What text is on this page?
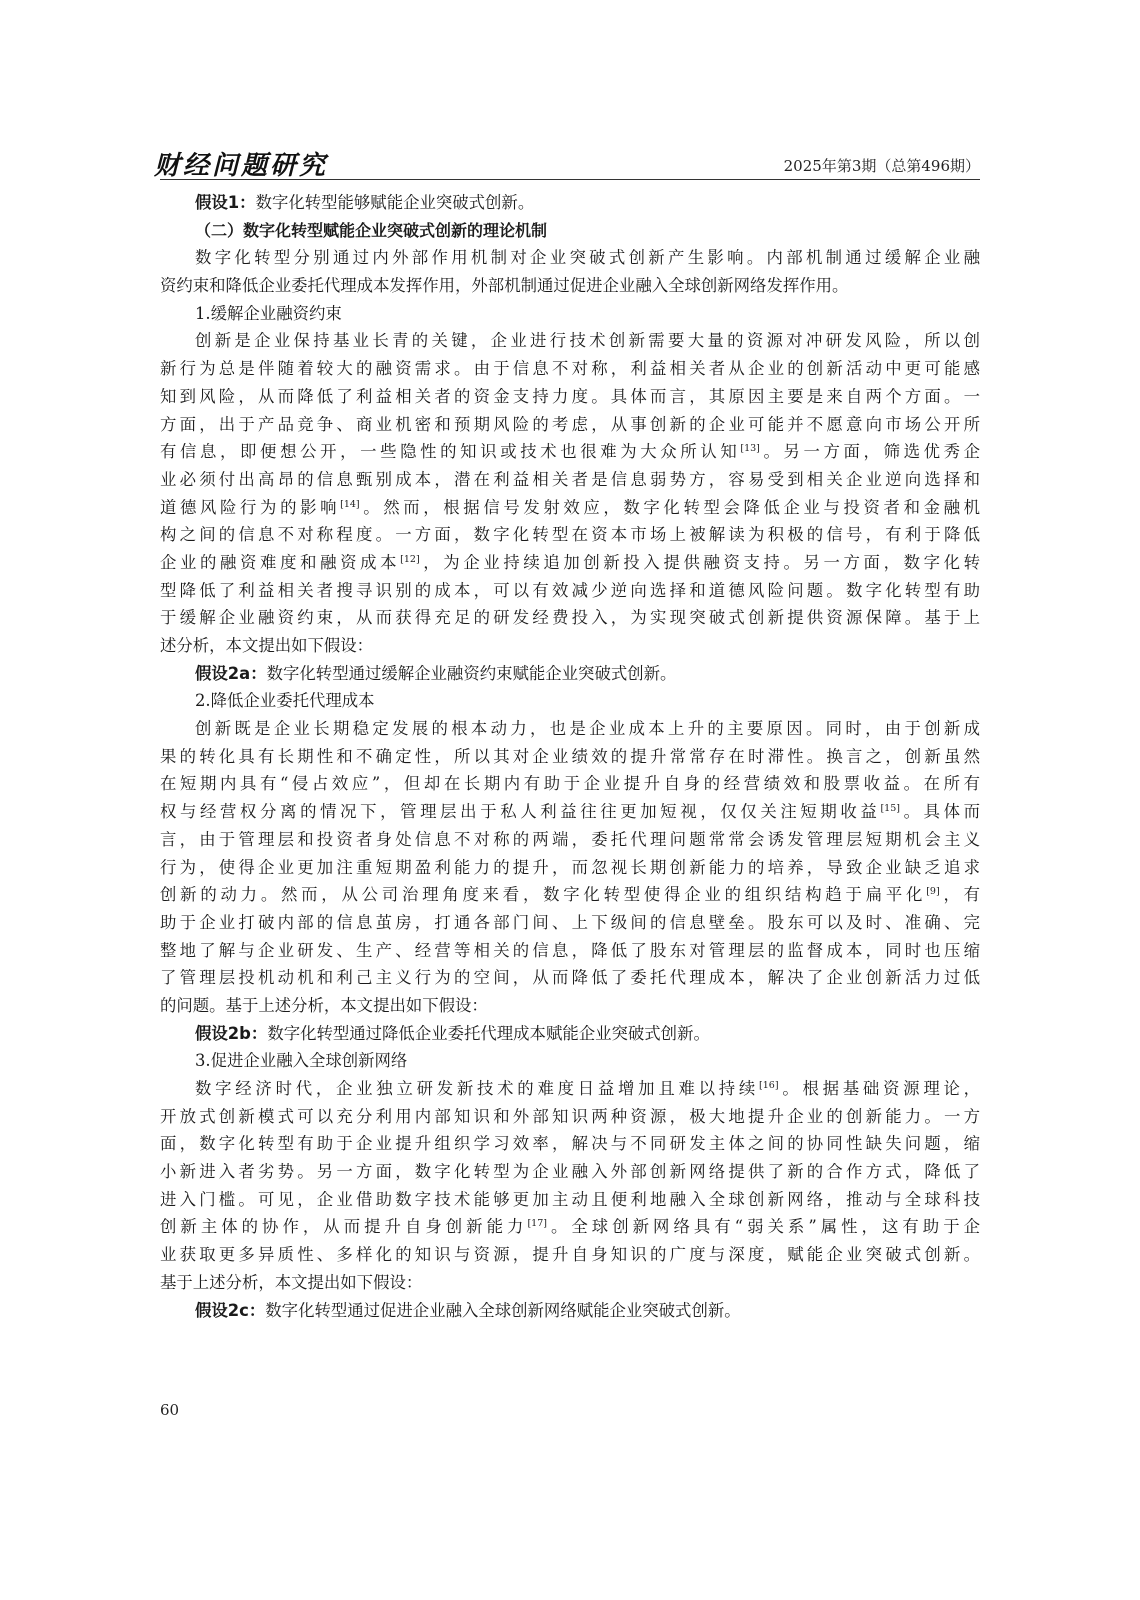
财经问题研究	2025年第3期（总第496期）
假设1：数字化转型能够赋能企业突破式创新。
（二）数字化转型赋能企业突破式创新的理论机制
数字化转型分别通过内外部作用机制对企业突破式创新产生影响。内部机制通过缓解企业融
资约束和降低企业委托代理成本发挥作用，外部机制通过促进企业融入全球创新网络发挥作用。
1.缓解企业融资约束
创新是企业保持基业长青的关键，企业进行技术创新需要大量的资源对冲研发风险，所以创
新行为总是伴随着较大的融资需求。由于信息不对称，利益相关者从企业的创新活动中更可能感
知到风险，从而降低了利益相关者的资金支持力度。具体而言，其原因主要是来自两个方面。一
方面，出于产品竞争、商业机密和预期风险的考虑，从事创新的企业可能并不愿意向市场公开所
有信息，即便想公开，一些隐性的知识或技术也很难为大众所认知[13]。另一方面，筛选优秀企
业必须付出高昂的信息甄别成本，潜在利益相关者是信息弱势方，容易受到相关企业逆向选择和
道德风险行为的影响[14]。然而，根据信号发射效应，数字化转型会降低企业与投资者和金融机
构之间的信息不对称程度。一方面，数字化转型在资本市场上被解读为积极的信号，有利于降低
企业的融资难度和融资成本[12]，为企业持续追加创新投入提供融资支持。另一方面，数字化转
型降低了利益相关者搜寻识别的成本，可以有效减少逆向选择和道德风险问题。数字化转型有助
于缓解企业融资约束，从而获得充足的研发经费投入，为实现突破式创新提供资源保障。基于上
述分析，本文提出如下假设：
假设2a：数字化转型通过缓解企业融资约束赋能企业突破式创新。
2.降低企业委托代理成本
创新既是企业长期稳定发展的根本动力，也是企业成本上升的主要原因。同时，由于创新成
果的转化具有长期性和不确定性，所以其对企业绩效的提升常常存在时滞性。换言之，创新虽然
在短期内具有“侵占效应”，但却在长期内有助于企业提升自身的经营绩效和股票收益。在所有
权与经营权分离的情况下，管理层出于私人利益往往更加短视，仅仅关注短期收益[15]。具体而
言，由于管理层和投资者身处信息不对称的两端，委托代理问题常常会诱发管理层短期机会主义
行为，使得企业更加注重短期盈利能力的提升，而忽视长期创新能力的培养，导致企业缺乏追求
创新的动力。然而，从公司治理角度来看，数字化转型使得企业的组织结构趋于扁平化[9]，有
助于企业打破内部的信息茧房，打通各部门间、上下级间的信息壁垒。股东可以及时、准确、完
整地了解与企业研发、生产、经营等相关的信息，降低了股东对管理层的监督成本，同时也压缩
了管理层投机动机和利己主义行为的空间，从而降低了委托代理成本，解决了企业创新活力过低
的问题。基于上述分析，本文提出如下假设：
假设2b：数字化转型通过降低企业委托代理成本赋能企业突破式创新。
3.促进企业融入全球创新网络
数字经济时代，企业独立研发新技术的难度日益增加且难以持续[16]。根据基础资源理论，
开放式创新模式可以充分利用内部知识和外部知识两种资源，极大地提升企业的创新能力。一方
面，数字化转型有助于企业提升组织学习效率，解决与不同研发主体之间的协同性缺失问题，缩
小新进入者劣势。另一方面，数字化转型为企业融入外部创新网络提供了新的合作方式，降低了
进入门槛。可见，企业借助数字技术能够更加主动且便利地融入全球创新网络，推动与全球科技
创新主体的协作，从而提升自身创新能力[17]。全球创新网络具有“弱关系”属性，这有助于企
业获取更多异质性、多样化的知识与资源，提升自身知识的广度与深度，赋能企业突破式创新。
基于上述分析，本文提出如下假设：
假设2c：数字化转型通过促进企业融入全球创新网络赋能企业突破式创新。
60
